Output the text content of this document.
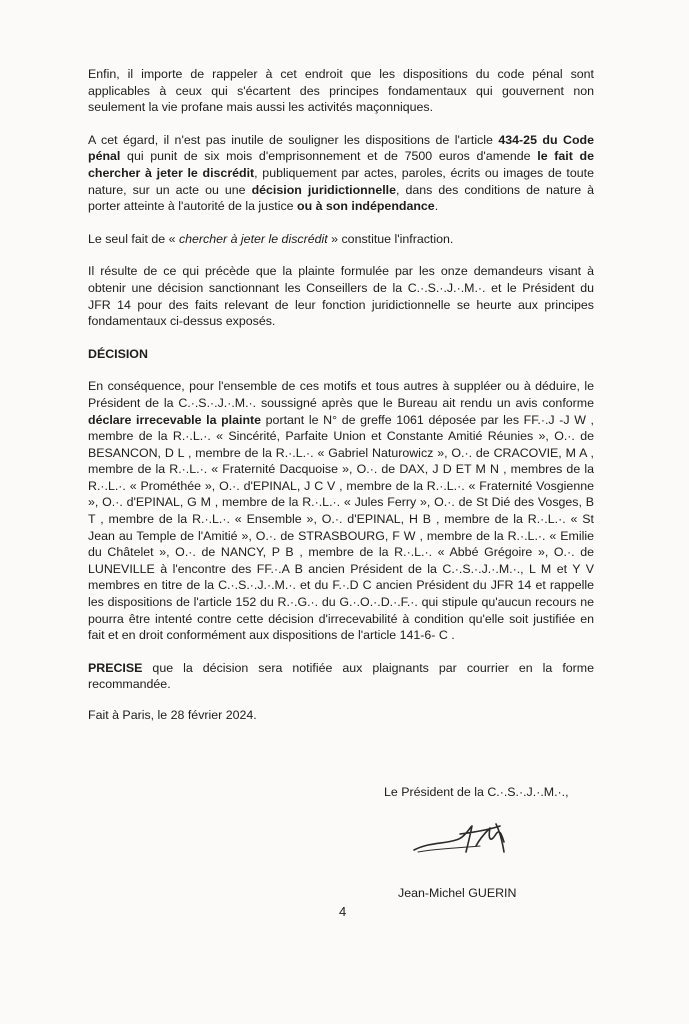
Enfin, il importe de rappeler à cet endroit que les dispositions du code pénal sont applicables à ceux qui s'écartent des principes fondamentaux qui gouvernent non seulement la vie profane mais aussi les activités maçonniques.

A cet égard, il n'est pas inutile de souligner les dispositions de l'article 434-25 du Code pénal qui punit de six mois d'emprisonnement et de 7500 euros d'amende le fait de chercher à jeter le discrédit, publiquement par actes, paroles, écrits ou images de toute nature, sur un acte ou une décision juridictionnelle, dans des conditions de nature à porter atteinte à l'autorité de la justice ou à son indépendance.

Le seul fait de « chercher à jeter le discrédit » constitue l'infraction.

Il résulte de ce qui précède que la plainte formulée par les onze demandeurs visant à obtenir une décision sanctionnant les Conseillers de la C.·.S.·.J.·.M.·. et le Président du JFR 14 pour des faits relevant de leur fonction juridictionnelle se heurte aux principes fondamentaux ci-dessus exposés.

DÉCISION

En conséquence, pour l'ensemble de ces motifs et tous autres à suppléer ou à déduire, le Président de la C.·.S.·.J.·.M.·. soussigné après que le Bureau ait rendu un avis conforme déclare irrecevable la plainte portant le N° de greffe 1061 déposée par les FF.·.J -J W , membre de la R.·.L.·. « Sincérité, Parfaite Union et Constante Amitié Réunies », O.·. de BESANCON, D L , membre de la R.·.L.·. « Gabriel Naturowicz », O.·. de CRACOVIE, M A , membre de la R.·.L.·. « Fraternité Dacquoise », O.·. de DAX, J D ET M N , membres de la R.·.L.·. « Prométhée », O.·. d'EPINAL, J C V , membre de la R.·.L.·. « Fraternité Vosgienne », O.·. d'EPINAL, G M , membre de la R.·.L.·. « Jules Ferry », O.·. de St Dié des Vosges, B T , membre de la R.·.L.·. « Ensemble », O.·. d'EPINAL, H B , membre de la R.·.L.·. « St Jean au Temple de l'Amitié », O.·. de STRASBOURG, F W , membre de la R.·.L.·. « Emilie du Châtelet », O.·. de NANCY, P B , membre de la R.·.L.·. « Abbé Grégoire », O.·. de LUNEVILLE à l'encontre des FF.·.A B ancien Président de la C.·.S.·.J.·.M.·., L M et Y V membres en titre de la C.·.S.·.J.·.M.·. et du F.·.D C ancien Président du JFR 14 et rappelle les dispositions de l'article 152 du R.·.G.·. du G.·.O.·.D.·.F.·. qui stipule qu'aucun recours ne pourra être intenté contre cette décision d'irrecevabilité à condition qu'elle soit justifiée en fait et en droit conformément aux dispositions de l'article 141-6- C .

PRECISE que la décision sera notifiée aux plaignants par courrier en la forme recommandée.

Fait à Paris, le 28 février 2024.

Le Président de la C.·.S.·.J.·.M.·.,
Jean-Michel GUERIN
4
